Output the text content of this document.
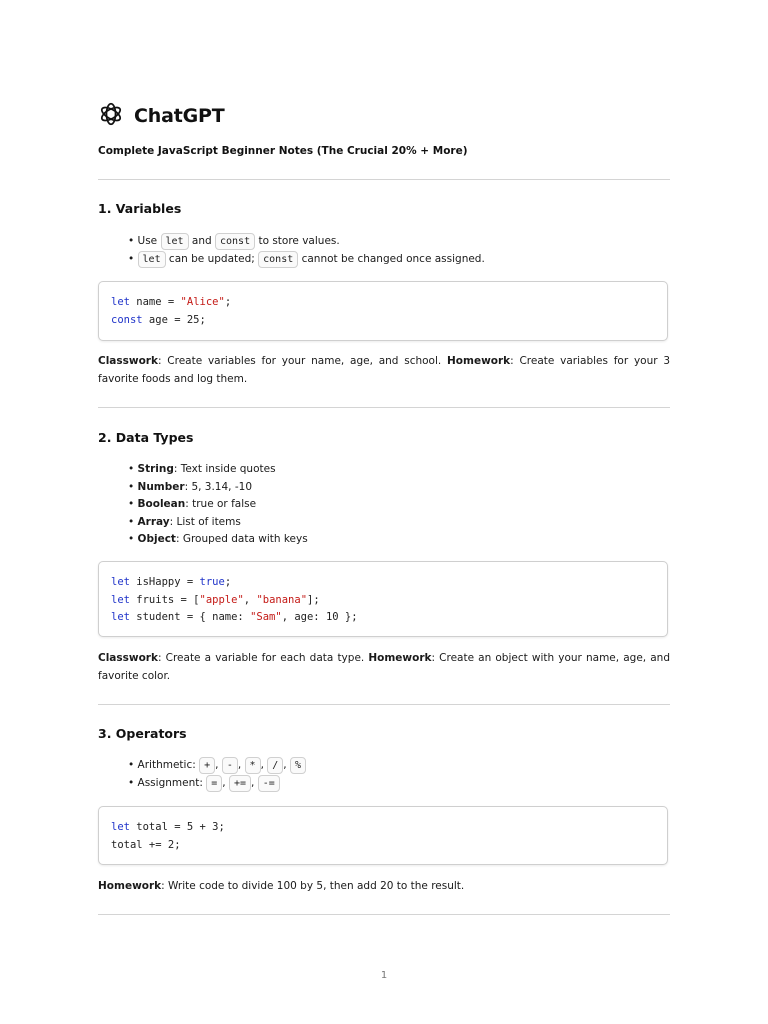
ChatGPT
Complete JavaScript Beginner Notes (The Crucial 20% + More)
1. Variables
• Use let and const to store values.
• let can be updated; const cannot be changed once assigned.
let name = "Alice";
const age = 25;

Classwork: Create variables for your name, age, and school. Homework: Create variables for your 3 favorite foods and log them.

2. Data Types
• String: Text inside quotes
• Number: 5, 3.14, -10
• Boolean: true or false
• Array: List of items
• Object: Grouped data with keys
let isHappy = true;
let fruits = ["apple", "banana"];
let student = { name: "Sam", age: 10 };

Classwork: Create a variable for each data type. Homework: Create an object with your name, age, and favorite color.

3. Operators
• Arithmetic: + , - , * , / , %
• Assignment: = , += , -=
let total = 5 + 3;
total += 2;

Homework: Write code to divide 100 by 5, then add 20 to the result.

1
